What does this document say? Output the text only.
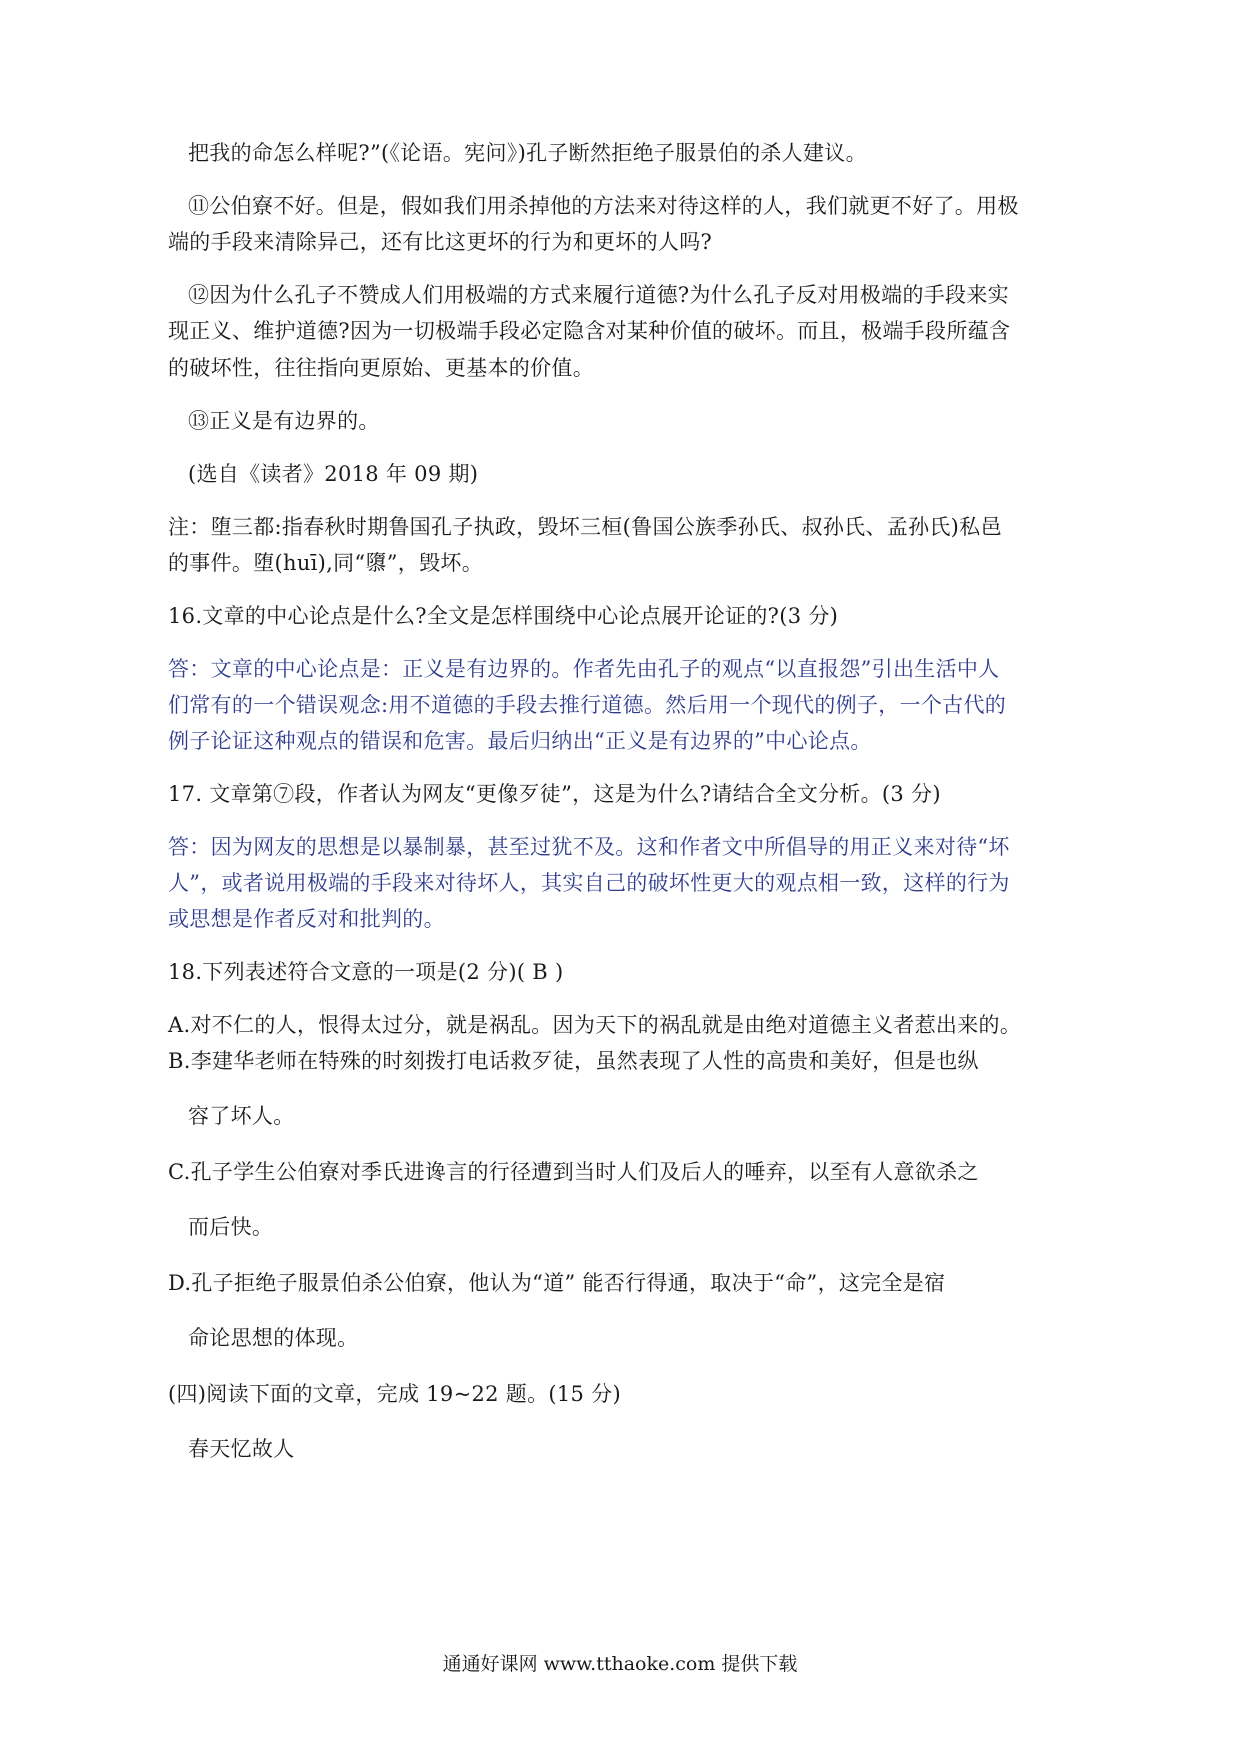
把我的命怎么样呢?”(《论语。宪问》)孔子断然拒绝子服景伯的杀人建议。
⑪公伯寮不好。但是，假如我们用杀掉他的方法来对待这样的人，我们就更不好了。用极
端的手段来清除异己，还有比这更坏的行为和更坏的人吗?
⑫因为什么孔子不赞成人们用极端的方式来履行道德?为什么孔子反对用极端的手段来实
现正义、维护道德?因为一切极端手段必定隐含对某种价值的破坏。而且，极端手段所蕴含
的破坏性，往往指向更原始、更基本的价值。
⑬正义是有边界的。
(选自《读者》2018 年 09 期)
注：堕三都:指春秋时期鲁国孔子执政，毁坏三桓(鲁国公族季孙氏、叔孙氏、孟孙氏)私邑
的事件。堕(huī),同“隳”，毁坏。
16.文章的中心论点是什么?全文是怎样围绕中心论点展开论证的?(3 分)
答：文章的中心论点是：正义是有边界的。作者先由孔子的观点“以直报怨”引出生活中人
们常有的一个错误观念:用不道德的手段去推行道德。然后用一个现代的例子，一个古代的
例子论证这种观点的错误和危害。最后归纳出“正义是有边界的”中心论点。
17. 文章第⑦段，作者认为网友“更像歹徒”，这是为什么?请结合全文分析。(3 分)
答：因为网友的思想是以暴制暴，甚至过犹不及。这和作者文中所倡导的用正义来对待“坏
人”，或者说用极端的手段来对待坏人，其实自己的破坏性更大的观点相一致，这样的行为
或思想是作者反对和批判的。
18.下列表述符合文意的一项是(2 分)( B )
A.对不仁的人，恨得太过分，就是祸乱。因为天下的祸乱就是由绝对道德主义者惹出来的。
B.李建华老师在特殊的时刻拨打电话救歹徒，虽然表现了人性的高贵和美好，但是也纵
容了坏人。
C.孔子学生公伯寮对季氏进谗言的行径遭到当时人们及后人的唾弃，以至有人意欲杀之
而后快。
D.孔子拒绝子服景伯杀公伯寮，他认为“道” 能否行得通，取决于“命”，这完全是宿
命论思想的体现。
(四)阅读下面的文章，完成 19~22 题。(15 分)
春天忆故人
通通好课网 www.tthaoke.com 提供下载
